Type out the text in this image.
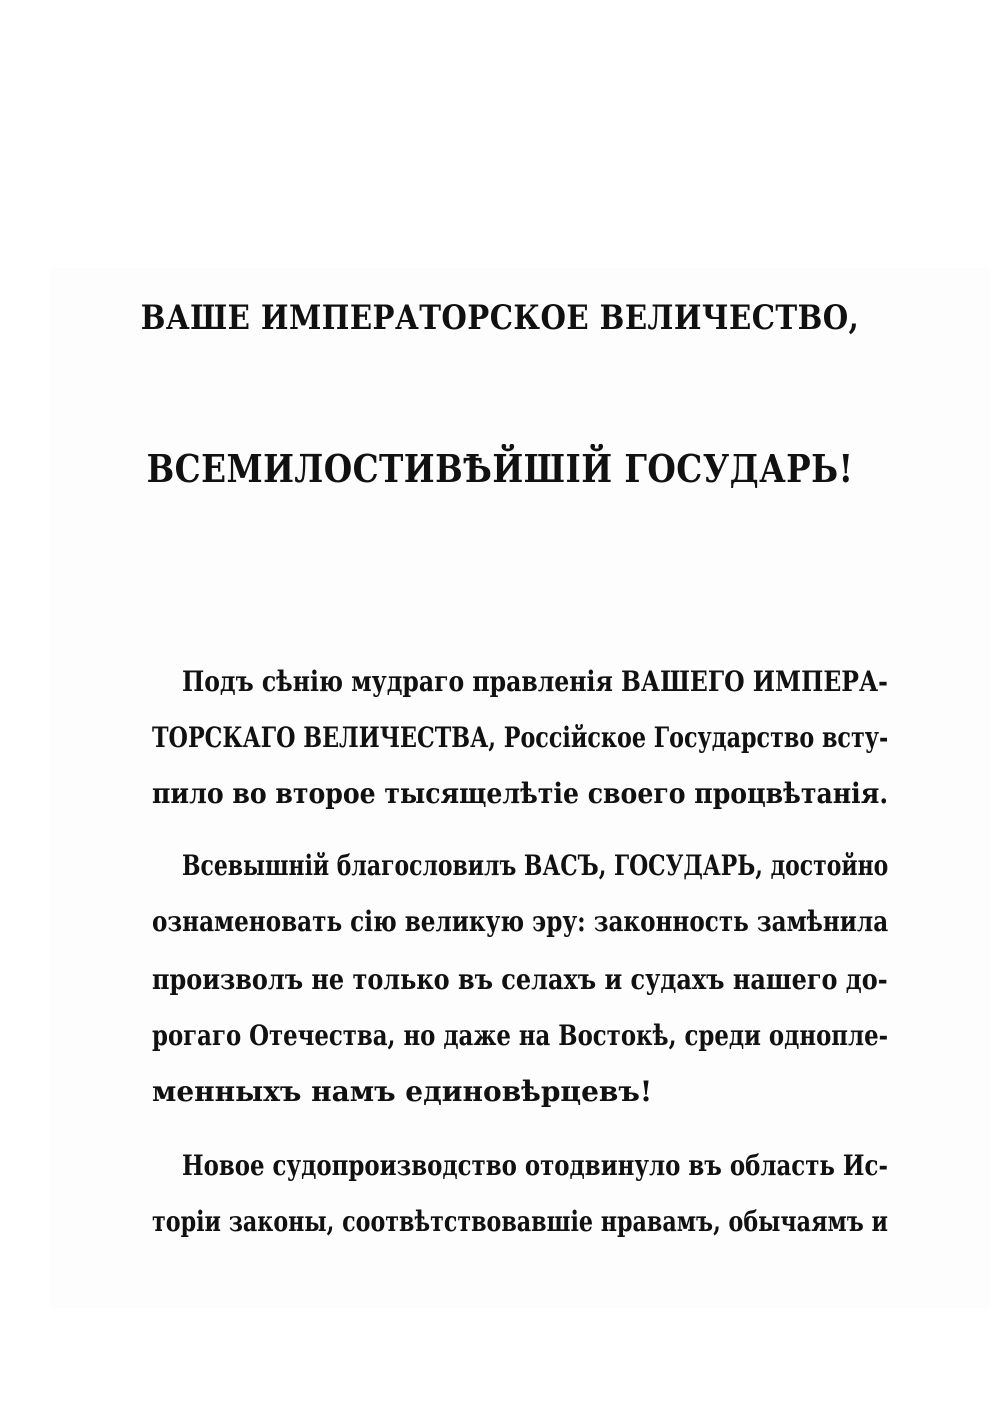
ВАШЕ ИМПЕРАТОРСКОЕ ВЕЛИЧЕСТВО,
ВСЕМИЛОСТИВѢЙШІЙ ГОСУДАРЬ!
Подъ сѣнію мудраго правленія ВАШЕГО ИМПЕРА-
ТОРСКАГО ВЕЛИЧЕСТВА, Россійское Государство всту-
пило во второе тысящелѣтіе своего процвѣтанія.
Всевышній благословилъ ВАСЪ, ГОСУДАРЬ, достойно
ознаменовать сію великую эру: законность замѣнила
произволъ не только въ селахъ и судахъ нашего до-
рогаго Отечества, но даже на Востокѣ, среди одноплe-
менныхъ намъ единовѣрцевъ!
Новое судопроизводство отодвинуло въ область Ис-
торіи законы, соотвѣтствовавшіе нравамъ, обычаямъ и
